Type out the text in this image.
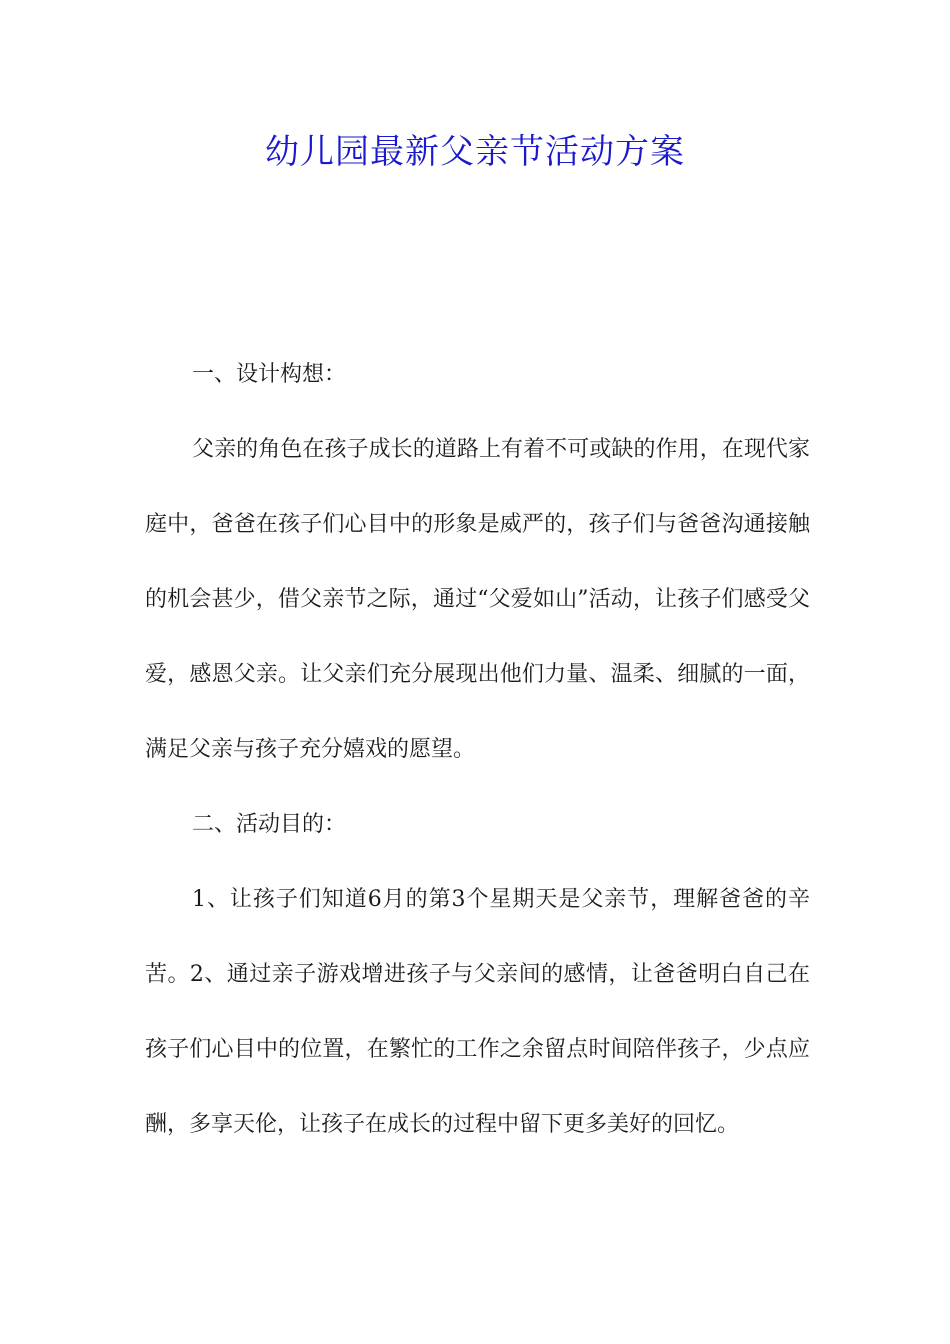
幼儿园最新父亲节活动方案

一、设计构想：

父亲的角色在孩子成长的道路上有着不可或缺的作用，在现代家庭中，爸爸在孩子们心目中的形象是威严的，孩子们与爸爸沟通接触的机会甚少，借父亲节之际，通过“父爱如山”活动，让孩子们感受父爱，感恩父亲。让父亲们充分展现出他们力量、温柔、细腻的一面，满足父亲与孩子充分嬉戏的愿望。

二、活动目的：

1、让孩子们知道6月的第3个星期天是父亲节，理解爸爸的辛苦。2、通过亲子游戏增进孩子与父亲间的感情，让爸爸明白自己在孩子们心目中的位置，在繁忙的工作之余留点时间陪伴孩子，少点应酬，多享天伦，让孩子在成长的过程中留下更多美好的回忆。
